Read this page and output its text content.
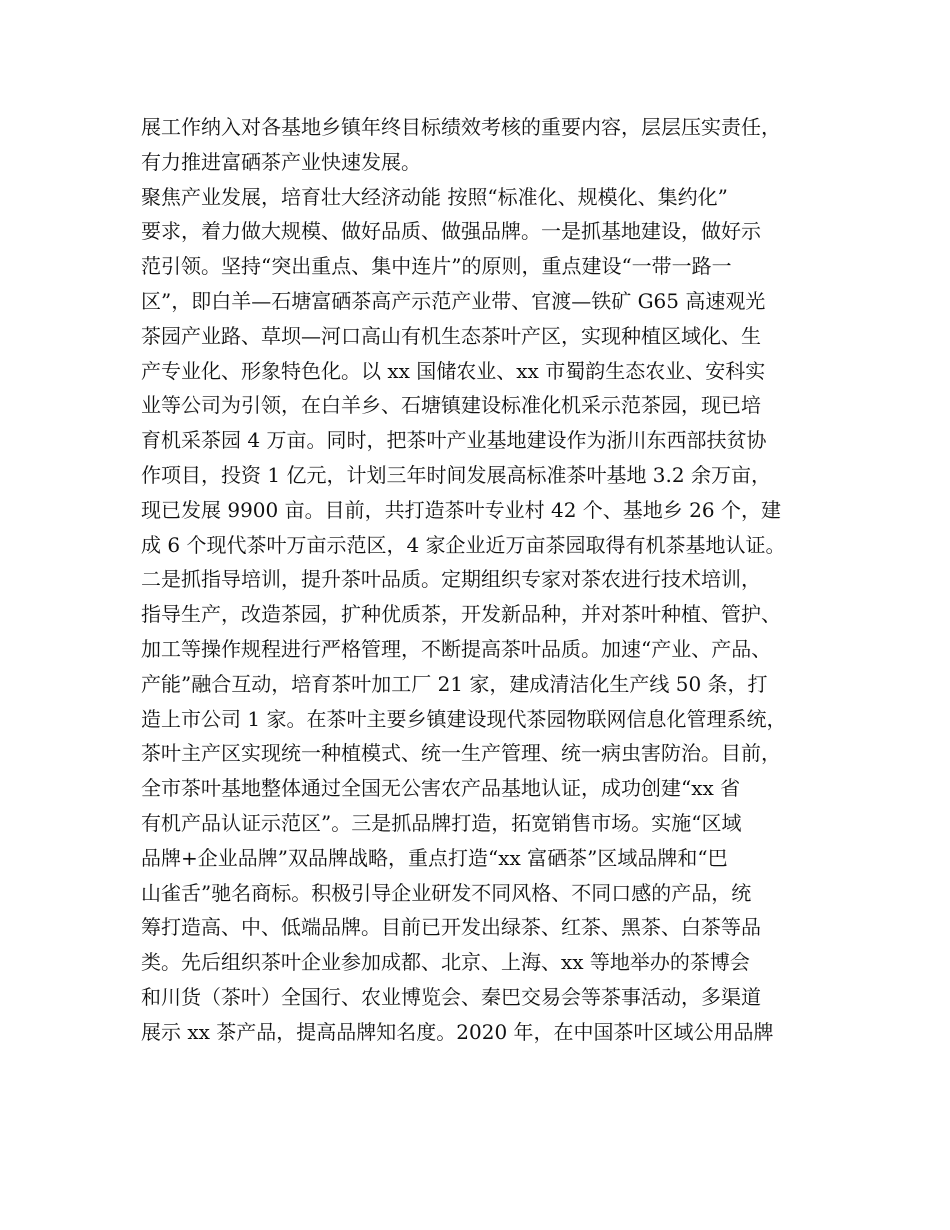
展工作纳入对各基地乡镇年终目标绩效考核的重要内容，层层压实责任，
有力推进富硒茶产业快速发展。
聚焦产业发展，培育壮大经济动能 按照“标准化、规模化、集约化”
要求，着力做大规模、做好品质、做强品牌。一是抓基地建设，做好示
范引领。坚持“突出重点、集中连片”的原则，重点建设“一带一路一
区”，即白羊—石塘富硒茶高产示范产业带、官渡—铁矿 G65 高速观光
茶园产业路、草坝—河口高山有机生态茶叶产区，实现种植区域化、生
产专业化、形象特色化。以 xx 国储农业、xx 市蜀韵生态农业、安科实
业等公司为引领，在白羊乡、石塘镇建设标准化机采示范茶园，现已培
育机采茶园 4 万亩。同时，把茶叶产业基地建设作为浙川东西部扶贫协
作项目，投资 1 亿元，计划三年时间发展高标准茶叶基地 3.2 余万亩，
现已发展 9900 亩。目前，共打造茶叶专业村 42 个、基地乡 26 个，建
成 6 个现代茶叶万亩示范区，4 家企业近万亩茶园取得有机茶基地认证。
二是抓指导培训，提升茶叶品质。定期组织专家对茶农进行技术培训，
指导生产，改造茶园，扩种优质茶，开发新品种，并对茶叶种植、管护、
加工等操作规程进行严格管理，不断提高茶叶品质。加速“产业、产品、
产能”融合互动，培育茶叶加工厂 21 家，建成清洁化生产线 50 条，打
造上市公司 1 家。在茶叶主要乡镇建设现代茶园物联网信息化管理系统，
茶叶主产区实现统一种植模式、统一生产管理、统一病虫害防治。目前，
全市茶叶基地整体通过全国无公害农产品基地认证，成功创建“xx 省
有机产品认证示范区”。三是抓品牌打造，拓宽销售市场。实施“区域
品牌+企业品牌”双品牌战略，重点打造“xx 富硒茶”区域品牌和“巴
山雀舌”驰名商标。积极引导企业研发不同风格、不同口感的产品，统
筹打造高、中、低端品牌。目前已开发出绿茶、红茶、黑茶、白茶等品
类。先后组织茶叶企业参加成都、北京、上海、xx 等地举办的茶博会
和川货（茶叶）全国行、农业博览会、秦巴交易会等茶事活动，多渠道
展示 xx 茶产品，提高品牌知名度。2020 年，在中国茶叶区域公用品牌
